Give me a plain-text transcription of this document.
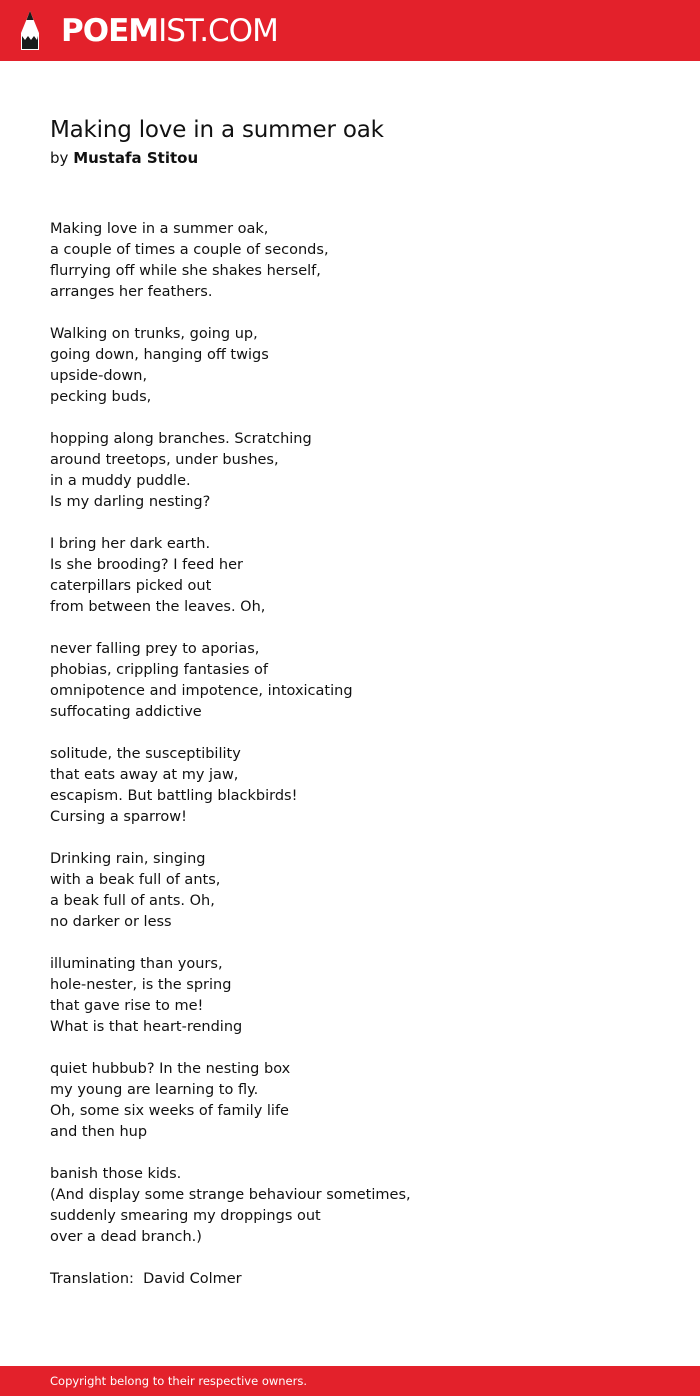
POEMIST.COM
Making love in a summer oak
by Mustafa Stitou
Making love in a summer oak,
a couple of times a couple of seconds,
flurrying off while she shakes herself,
arranges her feathers.
Walking on trunks, going up,
going down, hanging off twigs
upside-down,
pecking buds,
hopping along branches. Scratching
around treetops, under bushes,
in a muddy puddle.
Is my darling nesting?
I bring her dark earth.
Is she brooding? I feed her
caterpillars picked out
from between the leaves. Oh,
never falling prey to aporias,
phobias, crippling fantasies of
omnipotence and impotence, intoxicating
suffocating addictive
solitude, the susceptibility
that eats away at my jaw,
escapism. But battling blackbirds!
Cursing a sparrow!
Drinking rain, singing
with a beak full of ants,
a beak full of ants. Oh,
no darker or less
illuminating than yours,
hole-nester, is the spring
that gave rise to me!
What is that heart-rending
quiet hubbub? In the nesting box
my young are learning to fly.
Oh, some six weeks of family life
and then hup
banish those kids.
(And display some strange behaviour sometimes,
suddenly smearing my droppings out
over a dead branch.)
Translation:  David Colmer
Copyright belong to their respective owners.
